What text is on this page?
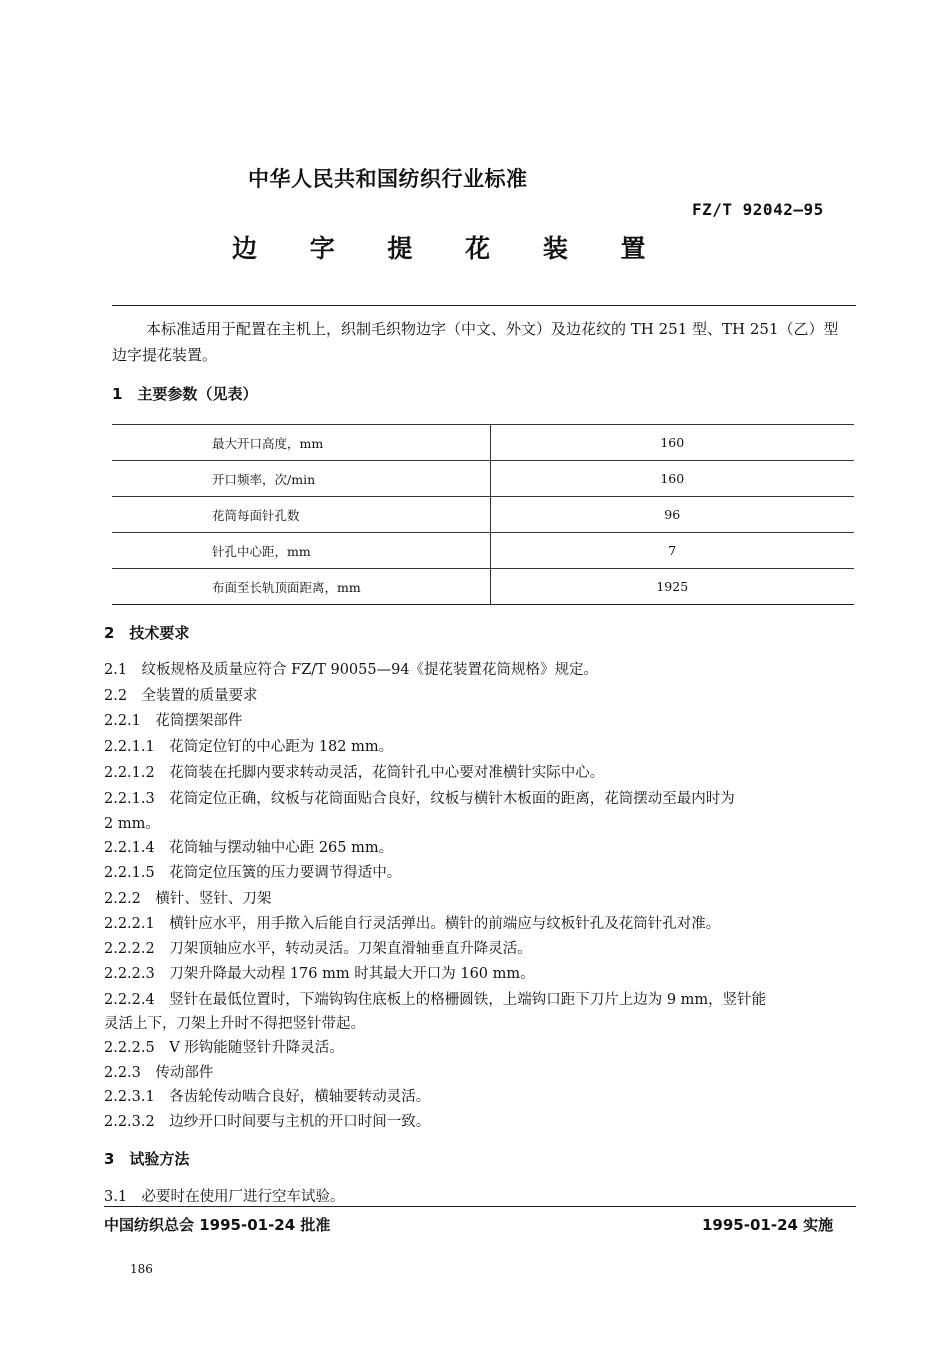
中华人民共和国纺织行业标准
FZ/T 92042—95
边 字 提 花 装 置
本标准适用于配置在主机上，织制毛织物边字（中文、外文）及边花纹的 TH 251 型、TH 251（乙）型
边字提花装置。
1　主要参数（见表）
最大开口高度，mm	160
开口频率，次/min	160
花筒每面针孔数	96
针孔中心距，mm	7
布面至长轨顶面距离，mm	1925
2　技术要求
2.1　纹板规格及质量应符合 FZ/T 90055—94《提花装置花筒规格》规定。
2.2　全装置的质量要求
2.2.1　花筒摆架部件
2.2.1.1　花筒定位钉的中心距为 182 mm。
2.2.1.2　花筒装在托脚内要求转动灵活，花筒针孔中心要对准横针实际中心。
2.2.1.3　花筒定位正确，纹板与花筒面贴合良好，纹板与横针木板面的距离，花筒摆动至最内时为
2 mm。
2.2.1.4　花筒轴与摆动轴中心距 265 mm。
2.2.1.5　花筒定位压簧的压力要调节得适中。
2.2.2　横针、竖针、刀架
2.2.2.1　横针应水平，用手揿入后能自行灵活弹出。横针的前端应与纹板针孔及花筒针孔对准。
2.2.2.2　刀架顶轴应水平，转动灵活。刀架直滑轴垂直升降灵活。
2.2.2.3　刀架升降最大动程 176 mm 时其最大开口为 160 mm。
2.2.2.4　竖针在最低位置时，下端钩钩住底板上的格栅圆铁，上端钩口距下刀片上边为 9 mm，竖针能
灵活上下，刀架上升时不得把竖针带起。
2.2.2.5　V 形钩能随竖针升降灵活。
2.2.3　传动部件
2.2.3.1　各齿轮传动啮合良好，横轴要转动灵活。
2.2.3.2　边纱开口时间要与主机的开口时间一致。
3　试验方法
3.1　必要时在使用厂进行空车试验。
中国纺织总会 1995-01-24 批准	1995-01-24 实施
186
